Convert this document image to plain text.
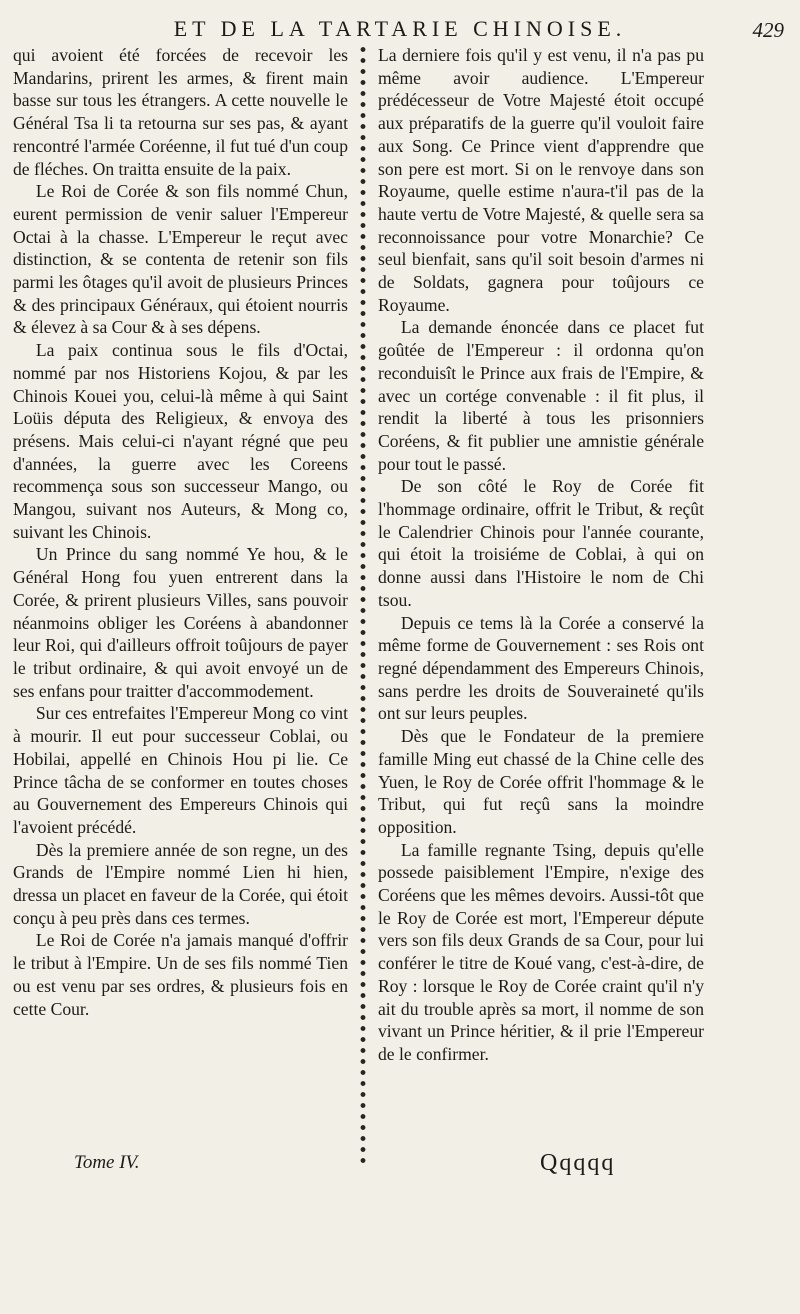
ET DE LA TARTARIE CHINOISE.	429

qui avoient été forcées de recevoir les Mandarins, prirent les armes, & firent main basse sur tous les étrangers. A cette nouvelle le Général Tsa li ta retourna sur ses pas, & ayant rencontré l'armée Coréenne, il fut tué d'un coup de fléches. On traitta ensuite de la paix.

Le Roi de Corée & son fils nommé Chun, eurent permission de venir saluer l'Empereur Octai à la chasse. L'Empereur le reçut avec distinction, & se contenta de retenir son fils parmi les ôtages qu'il avoit de plusieurs Princes & des principaux Généraux, qui étoient nourris & élevez à sa Cour & à ses dépens.

La paix continua sous le fils d'Octai, nommé par nos Historiens Kojou, & par les Chinois Kouei you, celui-là même à qui Saint Loüis députa des Religieux, & envoya des présens. Mais celui-ci n'ayant régné que peu d'années, la guerre avec les Coreens recommença sous son successeur Mango, ou Mangou, suivant nos Auteurs, & Mong co, suivant les Chinois.

Un Prince du sang nommé Ye hou, & le Général Hong fou yuen entrerent dans la Corée, & prirent plusieurs Villes, sans pouvoir néanmoins obliger les Coréens à abandonner leur Roi, qui d'ailleurs offroit toûjours de payer le tribut ordinaire, & qui avoit envoyé un de ses enfans pour traitter d'accommodement.

Sur ces entrefaites l'Empereur Mong co vint à mourir. Il eut pour successeur Coblai, ou Hobilai, appellé en Chinois Hou pi lie. Ce Prince tâcha de se conformer en toutes choses au Gouvernement des Empereurs Chinois qui l'avoient précédé.

Dès la premiere année de son regne, un des Grands de l'Empire nommé Lien hi hien, dressa un placet en faveur de la Corée, qui étoit conçu à peu près dans ces termes.

Le Roi de Corée n'a jamais manqué d'offrir le tribut à l'Empire. Un de ses fils nommé Tien ou est venu par ses ordres, & plusieurs fois en cette Cour.

La derniere fois qu'il y est venu, il n'a pas pu même avoir audience. L'Empereur prédécesseur de Votre Majesté étoit occupé aux préparatifs de la guerre qu'il vouloit faire aux Song. Ce Prince vient d'apprendre que son pere est mort. Si on le renvoye dans son Royaume, quelle estime n'aura-t'il pas de la haute vertu de Votre Majesté, & quelle sera sa reconnoissance pour votre Monarchie? Ce seul bienfait, sans qu'il soit besoin d'armes ni de Soldats, gagnera pour toûjours ce Royaume.

La demande énoncée dans ce placet fut goûtée de l'Empereur : il ordonna qu'on reconduisît le Prince aux frais de l'Empire, & avec un cortége convenable : il fit plus, il rendit la liberté à tous les prisonniers Coréens, & fit publier une amnistie générale pour tout le passé.

De son côté le Roy de Corée fit l'hommage ordinaire, offrit le Tribut, & reçût le Calendrier Chinois pour l'année courante, qui étoit la troisiéme de Coblai, à qui on donne aussi dans l'Histoire le nom de Chi tsou.

Depuis ce tems là la Corée a conservé la même forme de Gouvernement : ses Rois ont regné dépendamment des Empereurs Chinois, sans perdre les droits de Souveraineté qu'ils ont sur leurs peuples.

Dès que le Fondateur de la premiere famille Ming eut chassé de la Chine celle des Yuen, le Roy de Corée offrit l'hommage & le Tribut, qui fut reçû sans la moindre opposition.

La famille regnante Tsing, depuis qu'elle possede paisiblement l'Empire, n'exige des Coréens que les mêmes devoirs. Aussi-tôt que le Roy de Corée est mort, l'Empereur députe vers son fils deux Grands de sa Cour, pour lui conférer le titre de Koué vang, c'est-à-dire, de Roy : lorsque le Roy de Corée craint qu'il n'y ait du trouble après sa mort, il nomme de son vivant un Prince héritier, & il prie l'Empereur de le confirmer.

Tome IV.	Qqqqq
